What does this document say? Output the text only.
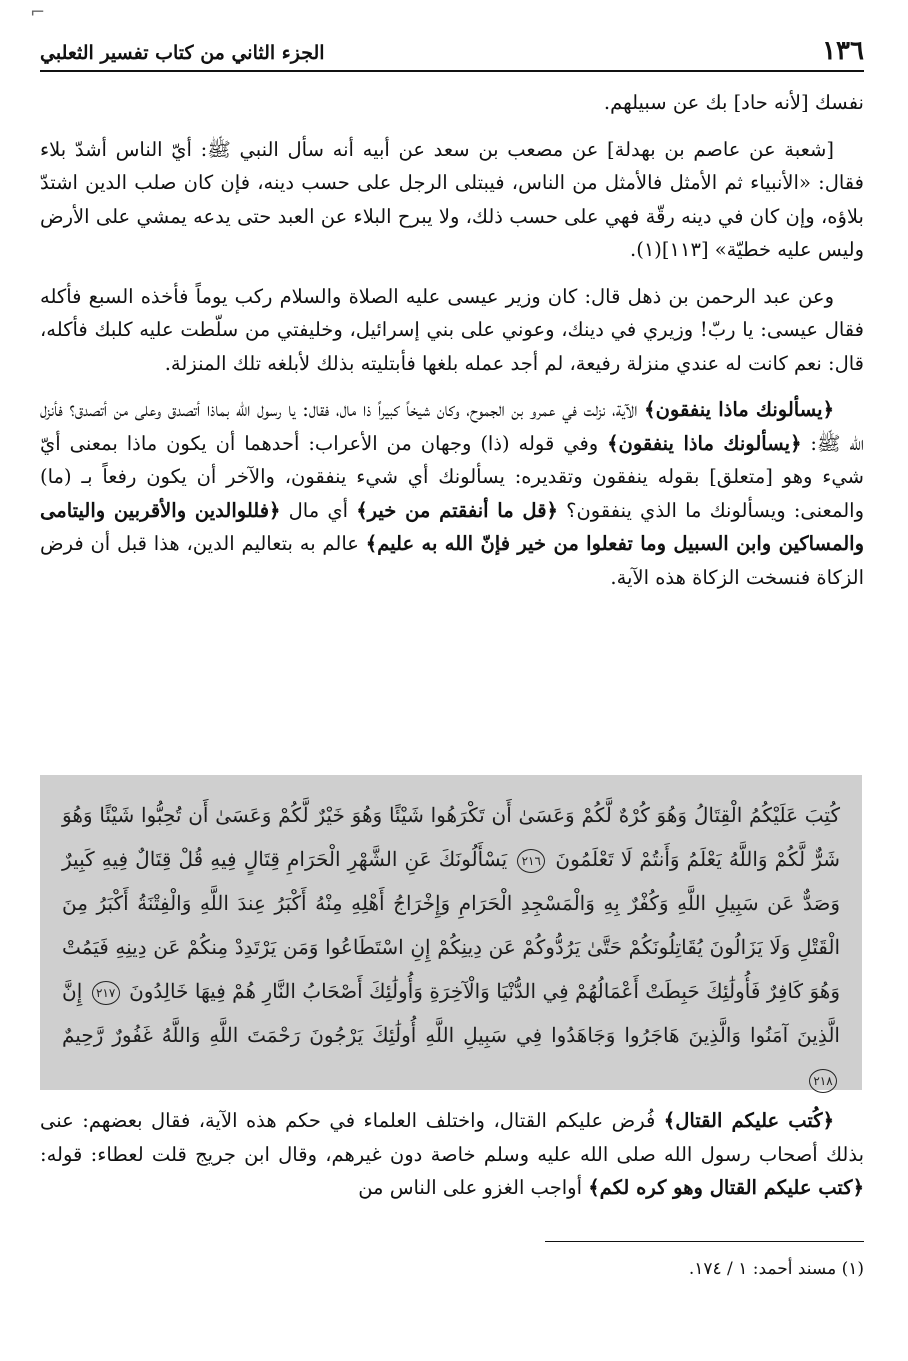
⌐
١٣٦
الجزء الثاني من كتاب تفسير الثعلبي

نفسك [لأنه حاد] بك عن سبيلهم.

[شعبة عن عاصم بن بهدلة] عن مصعب بن سعد عن أبيه أنه سأل النبي ﷺ: أيّ الناس أشدّ بلاء فقال: «الأنبياء ثم الأمثل فالأمثل من الناس، فيبتلى الرجل على حسب دينه، فإن كان صلب الدين اشتدّ بلاؤه، وإن كان في دينه رقّة فهي على حسب ذلك، ولا يبرح البلاء عن العبد حتى يدعه يمشي على الأرض وليس عليه خطيّة» [١١٣](١).

وعن عبد الرحمن بن ذهل قال: كان وزير عيسى عليه الصلاة والسلام ركب يوماً فأخذه السبع فأكله فقال عيسى: يا ربّ! وزيري في دينك، وعوني على بني إسرائيل، وخليفتي من سلّطت عليه كلبك فأكله، قال: نعم كانت له عندي منزلة رفيعة، لم أجد عمله بلغها فأبتليته بذلك لأبلغه تلك المنزلة.

﴿يسألونك ماذا ينفقون﴾ الآية، نزلت في عمرو بن الجموح، وكان شيخاً كبيراً ذا مال، فقال: يا رسول الله بماذا أتصدق وعلى من أتصدق؟ فأنزل الله ﷺ: ﴿يسألونك ماذا ينفقون﴾ وفي قوله (ذا) وجهان من الأعراب: أحدهما أن يكون ماذا بمعنى أيّ شيء وهو [متعلق] بقوله ينفقون وتقديره: يسألونك أي شيء ينفقون، والآخر أن يكون رفعاً بـ (ما) والمعنى: ويسألونك ما الذي ينفقون؟ ﴿قل ما أنفقتم من خير﴾ أي مال ﴿فللوالدين والأقربين واليتامى والمساكين وابن السبيل وما تفعلوا من خير فإنّ الله به عليم﴾ عالم به بتعاليم الدين، هذا قبل أن فرض الزكاة فنسخت الزكاة هذه الآية.

كُتِبَ عَلَيْكُمُ الْقِتَالُ وَهُوَ كُرْهٌ لَّكُمْ وَعَسَىٰ أَن تَكْرَهُوا شَيْئًا وَهُوَ خَيْرٌ لَّكُمْ وَعَسَىٰ أَن تُحِبُّوا شَيْئًا وَهُوَ شَرٌّ لَّكُمْ وَاللَّهُ يَعْلَمُ وَأَنتُمْ لَا تَعْلَمُونَ ٢١٦ يَسْأَلُونَكَ عَنِ الشَّهْرِ الْحَرَامِ قِتَالٍ فِيهِ قُلْ قِتَالٌ فِيهِ كَبِيرٌ وَصَدٌّ عَن سَبِيلِ اللَّهِ وَكُفْرٌ بِهِ وَالْمَسْجِدِ الْحَرَامِ وَإِخْرَاجُ أَهْلِهِ مِنْهُ أَكْبَرُ عِندَ اللَّهِ وَالْفِتْنَةُ أَكْبَرُ مِنَ الْقَتْلِ وَلَا يَزَالُونَ يُقَاتِلُونَكُمْ حَتَّىٰ يَرُدُّوكُمْ عَن دِينِكُمْ إِنِ اسْتَطَاعُوا وَمَن يَرْتَدِدْ مِنكُمْ عَن دِينِهِ فَيَمُتْ وَهُوَ كَافِرٌ فَأُولَٰئِكَ حَبِطَتْ أَعْمَالُهُمْ فِي الدُّنْيَا وَالْآخِرَةِ وَأُولَٰئِكَ أَصْحَابُ النَّارِ هُمْ فِيهَا خَالِدُونَ ٢١٧ إِنَّ الَّذِينَ آمَنُوا وَالَّذِينَ هَاجَرُوا وَجَاهَدُوا فِي سَبِيلِ اللَّهِ أُولَٰئِكَ يَرْجُونَ رَحْمَتَ اللَّهِ وَاللَّهُ غَفُورٌ رَّحِيمٌ ٢١٨

﴿كُتب عليكم القتال﴾ فُرض عليكم القتال، واختلف العلماء في حكم هذه الآية، فقال بعضهم: عنى بذلك أصحاب رسول الله صلى الله عليه وسلم خاصة دون غيرهم، وقال ابن جريج قلت لعطاء: قوله: ﴿كتب عليكم القتال وهو كره لكم﴾ أواجب الغزو على الناس من

(١) مسند أحمد: ١ / ١٧٤.
